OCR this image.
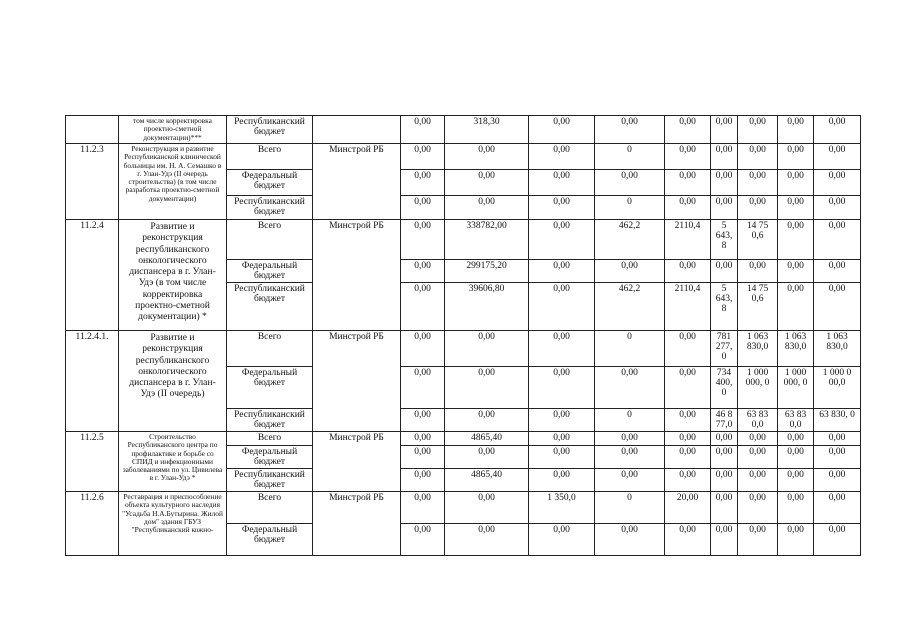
	том числе корректировка проектно-сметной документации)***	Республиканский бюджет		0,00	318,30	0,00	0,00	0,00	0,00	0,00	0,00	0,00
11.2.3	Реконструкция и развитие Республиканской клинической больницы им. Н. А. Семашко в г. Улан-Удэ (II очередь строительства) (в том числе разработка проектно-сметной документации)	Всего	Минстрой РБ	0,00	0,00	0,00	0	0,00	0,00	0,00	0,00	0,00
		Федеральный бюджет		0,00	0,00	0,00	0,00	0,00	0,00	0,00	0,00	0,00
		Республиканский бюджет		0,00	0,00	0,00	0	0,00	0,00	0,00	0,00	0,00
11.2.4	Развитие и реконструкция республиканского онкологического диспансера в г. Улан-Удэ (в том числе корректировка проектно-сметной документации) *	Всего	Минстрой РБ	0,00	338782,00	0,00	462,2	2110,4	5 643, 8	14 75 0,6	0,00	0,00
		Федеральный бюджет		0,00	299175,20	0,00	0,00	0,00	0,00	0,00	0,00	0,00
		Республиканский бюджет		0,00	39606,80	0,00	462,2	2110,4	5 643, 8	14 75 0,6	0,00	0,00
11.2.4.1.	Развитие и реконструкция республиканского онкологического диспансера в г. Улан-Удэ (II очередь)	Всего	Минстрой РБ	0,00	0,00	0,00	0	0,00	781 277, 0	1 063 830,0	1 063 830,0	1 063 830,0
		Федеральный бюджет		0,00	0,00	0,00	0,00	0,00	734 400, 0	1 000 000, 0	1 000 000, 0	1 000 0 00,0
		Республиканский бюджет		0,00	0,00	0,00	0	0,00	46 8 77,0	63 83 0,0	63 83 0,0	63 830, 0
11.2.5	Строительство Республиканского центра по профилактике и борьбе со СПИД и инфекционными заболеваниями по ул. Цивилева в г. Улан-Удэ *	Всего	Минстрой РБ	0,00	4865,40	0,00	0,00	0,00	0,00	0,00	0,00	0,00
		Федеральный бюджет		0,00	0,00	0,00	0,00	0,00	0,00	0,00	0,00	0,00
		Республиканский бюджет		0,00	4865,40	0,00	0,00	0,00	0,00	0,00	0,00	0,00
11.2.6	Реставрация и приспособление объекта культурного наследия "Усадьба Н.А.Бутырина. Жилой дом" здания ГБУЗ "Республиканский кожно-	Всего	Минстрой РБ	0,00	0,00	1 350,0	0	20,00	0,00	0,00	0,00	0,00
		Федеральный бюджет		0,00	0,00	0,00	0,00	0,00	0,00	0,00	0,00	0,00
